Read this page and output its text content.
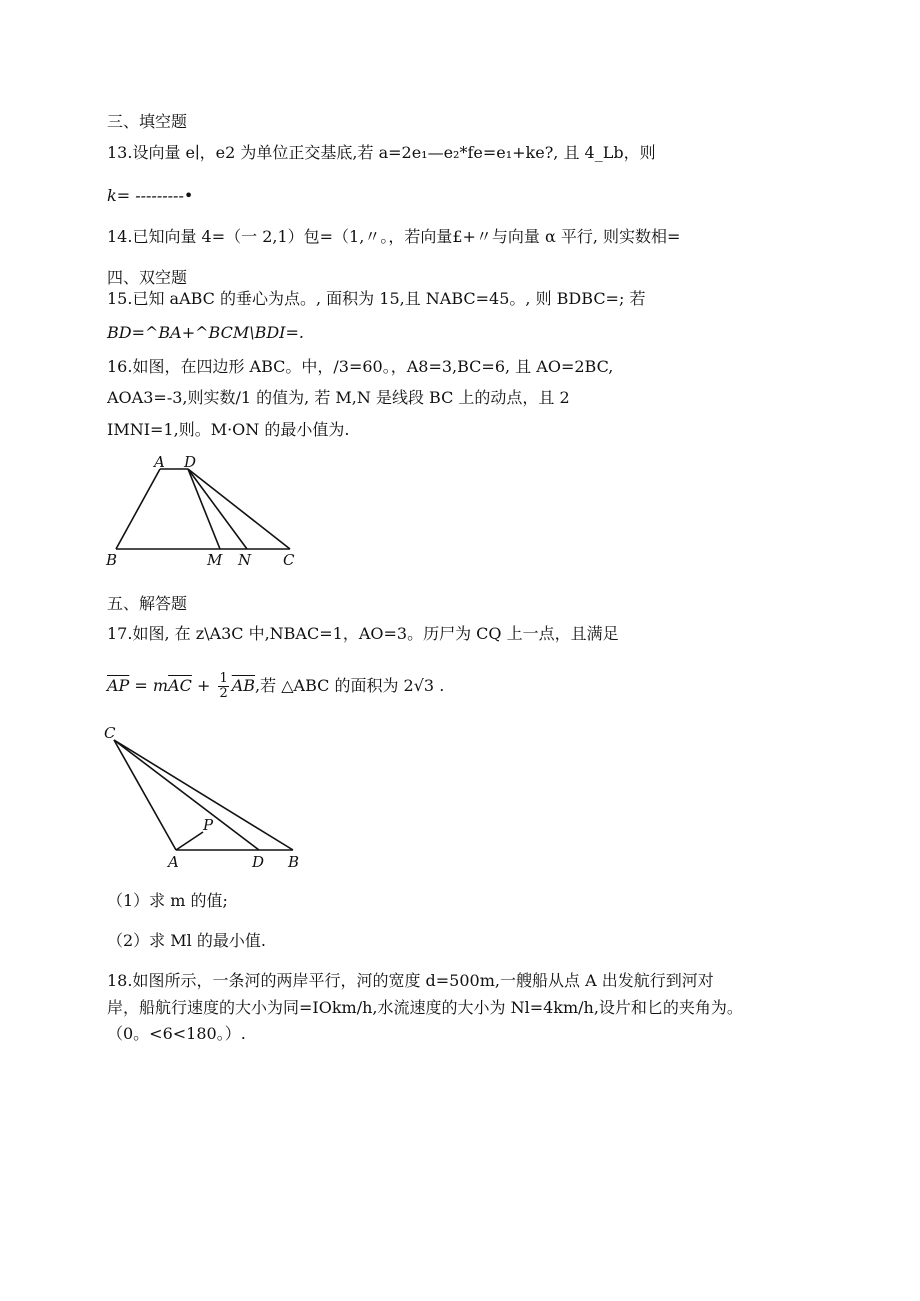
三、填空题
13.设向量 e∣，e2 为单位正交基底,若 a=2e₁—e₂*fe=e₁+ke?, 且 4_Lb，则
k= ---------•
14.已知向量 4=（一 2,1）包=（1,〃。，若向量£+〃与向量 α 平行, 则实数相=
四、双空题
15.已知 aABC 的垂心为点。, 面积为 15,且 NABC=45。, 则 BDBC=; 若
BD=^BA+^BCM\BDI=.
16.如图，在四边形 ABC。中，/3=60。，A8=3,BC=6, 且 AO=2BC,
AOA3=-3,则实数/1 的值为, 若 M,N 是线段 BC 上的动点，且 2
IMNI=1,则。M·ON 的最小值为.
A D
B	M N C
五、解答题
17.如图, 在 z\A3C 中,NBAC=1，AO=3。历尸为 CQ 上一点，且满足
$\overline{AP} = m\overline{AC} + \frac{1}{2} \overline{AB}$,若 △ABC 的面积为 2√3 .
C
P
A	D B
（1）求 m 的值;
（2）求 Ml 的最小值.
18.如图所示，一条河的两岸平行，河的宽度 d=500m,一艘船从点 A 出发航行到河对
岸，船航行速度的大小为同=IOkm/h,水流速度的大小为 Nl=4km/h,设片和匕的夹角为。
（0。<6<180。）.
